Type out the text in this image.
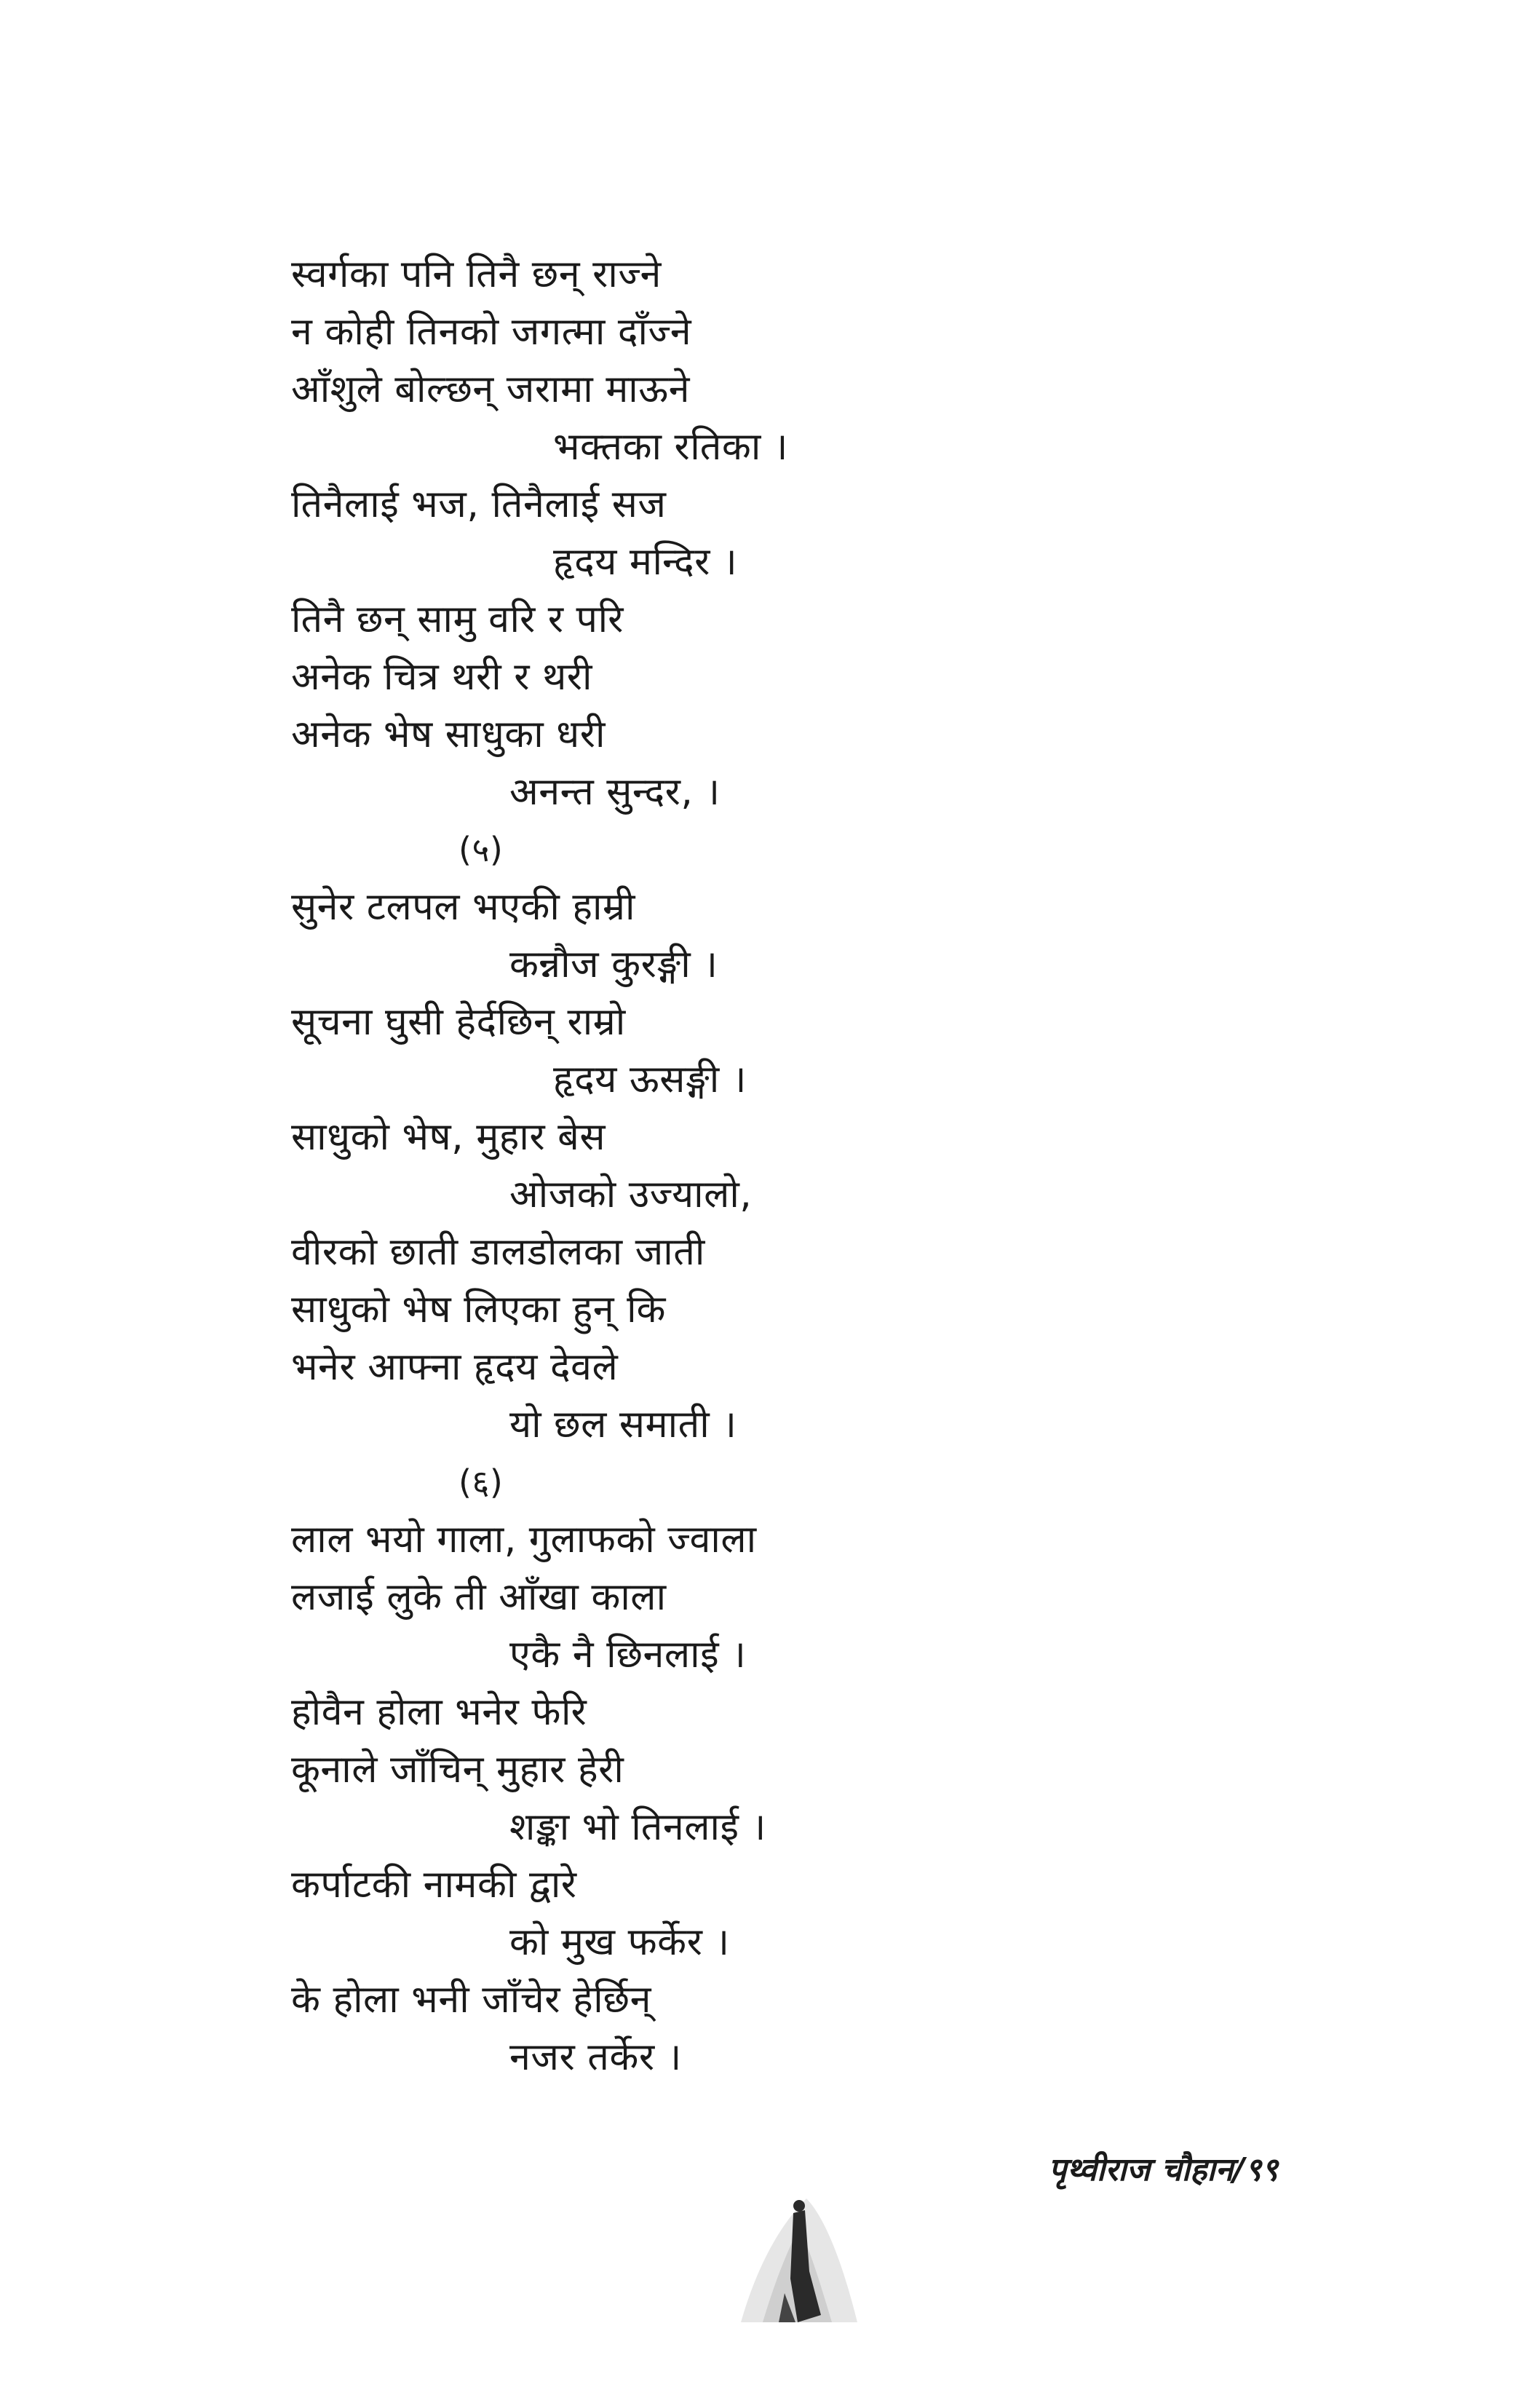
स्वर्गका पनि तिनै छन् राज्ने
न कोही तिनको जगत्मा दाँज्ने
आँशुले बोल्छन् जरामा माऊने
भक्तका रतिका ।
तिनैलाई भज, तिनैलाई सज
हृदय मन्दिर ।
तिनै छन् सामु वरि र परि
अनेक चित्र थरी र थरी
अनेक भेष साधुका धरी
अनन्त सुन्दर, ।
(५)
सुनेर टलपल भएकी हाम्री
कन्नौज कुरङ्गी ।
सूचना घुसी हेर्दछिन् राम्रो
हृदय ऊसङ्गी ।
साधुको भेष, मुहार बेस
ओजको उज्यालो,
वीरको छाती डालडोलका जाती
साधुको भेष लिएका हुन् कि
भनेर आफ्ना हृदय देवले
यो छल समाती ।
(६)
लाल भयो गाला, गुलाफको ज्वाला
लजाई लुके ती आँखा काला
एकै नै छिनलाई ।
होवैन होला भनेर फेरि
कूनाले जाँचिन् मुहार हेरी
शङ्का भो तिनलाई ।
कर्पाटकी नामकी द्वारे
को मुख फर्केर ।
के होला भनी जाँचेर हेर्छिन्
नजर तर्केर ।
पृथ्वीराज चौहान/९९
